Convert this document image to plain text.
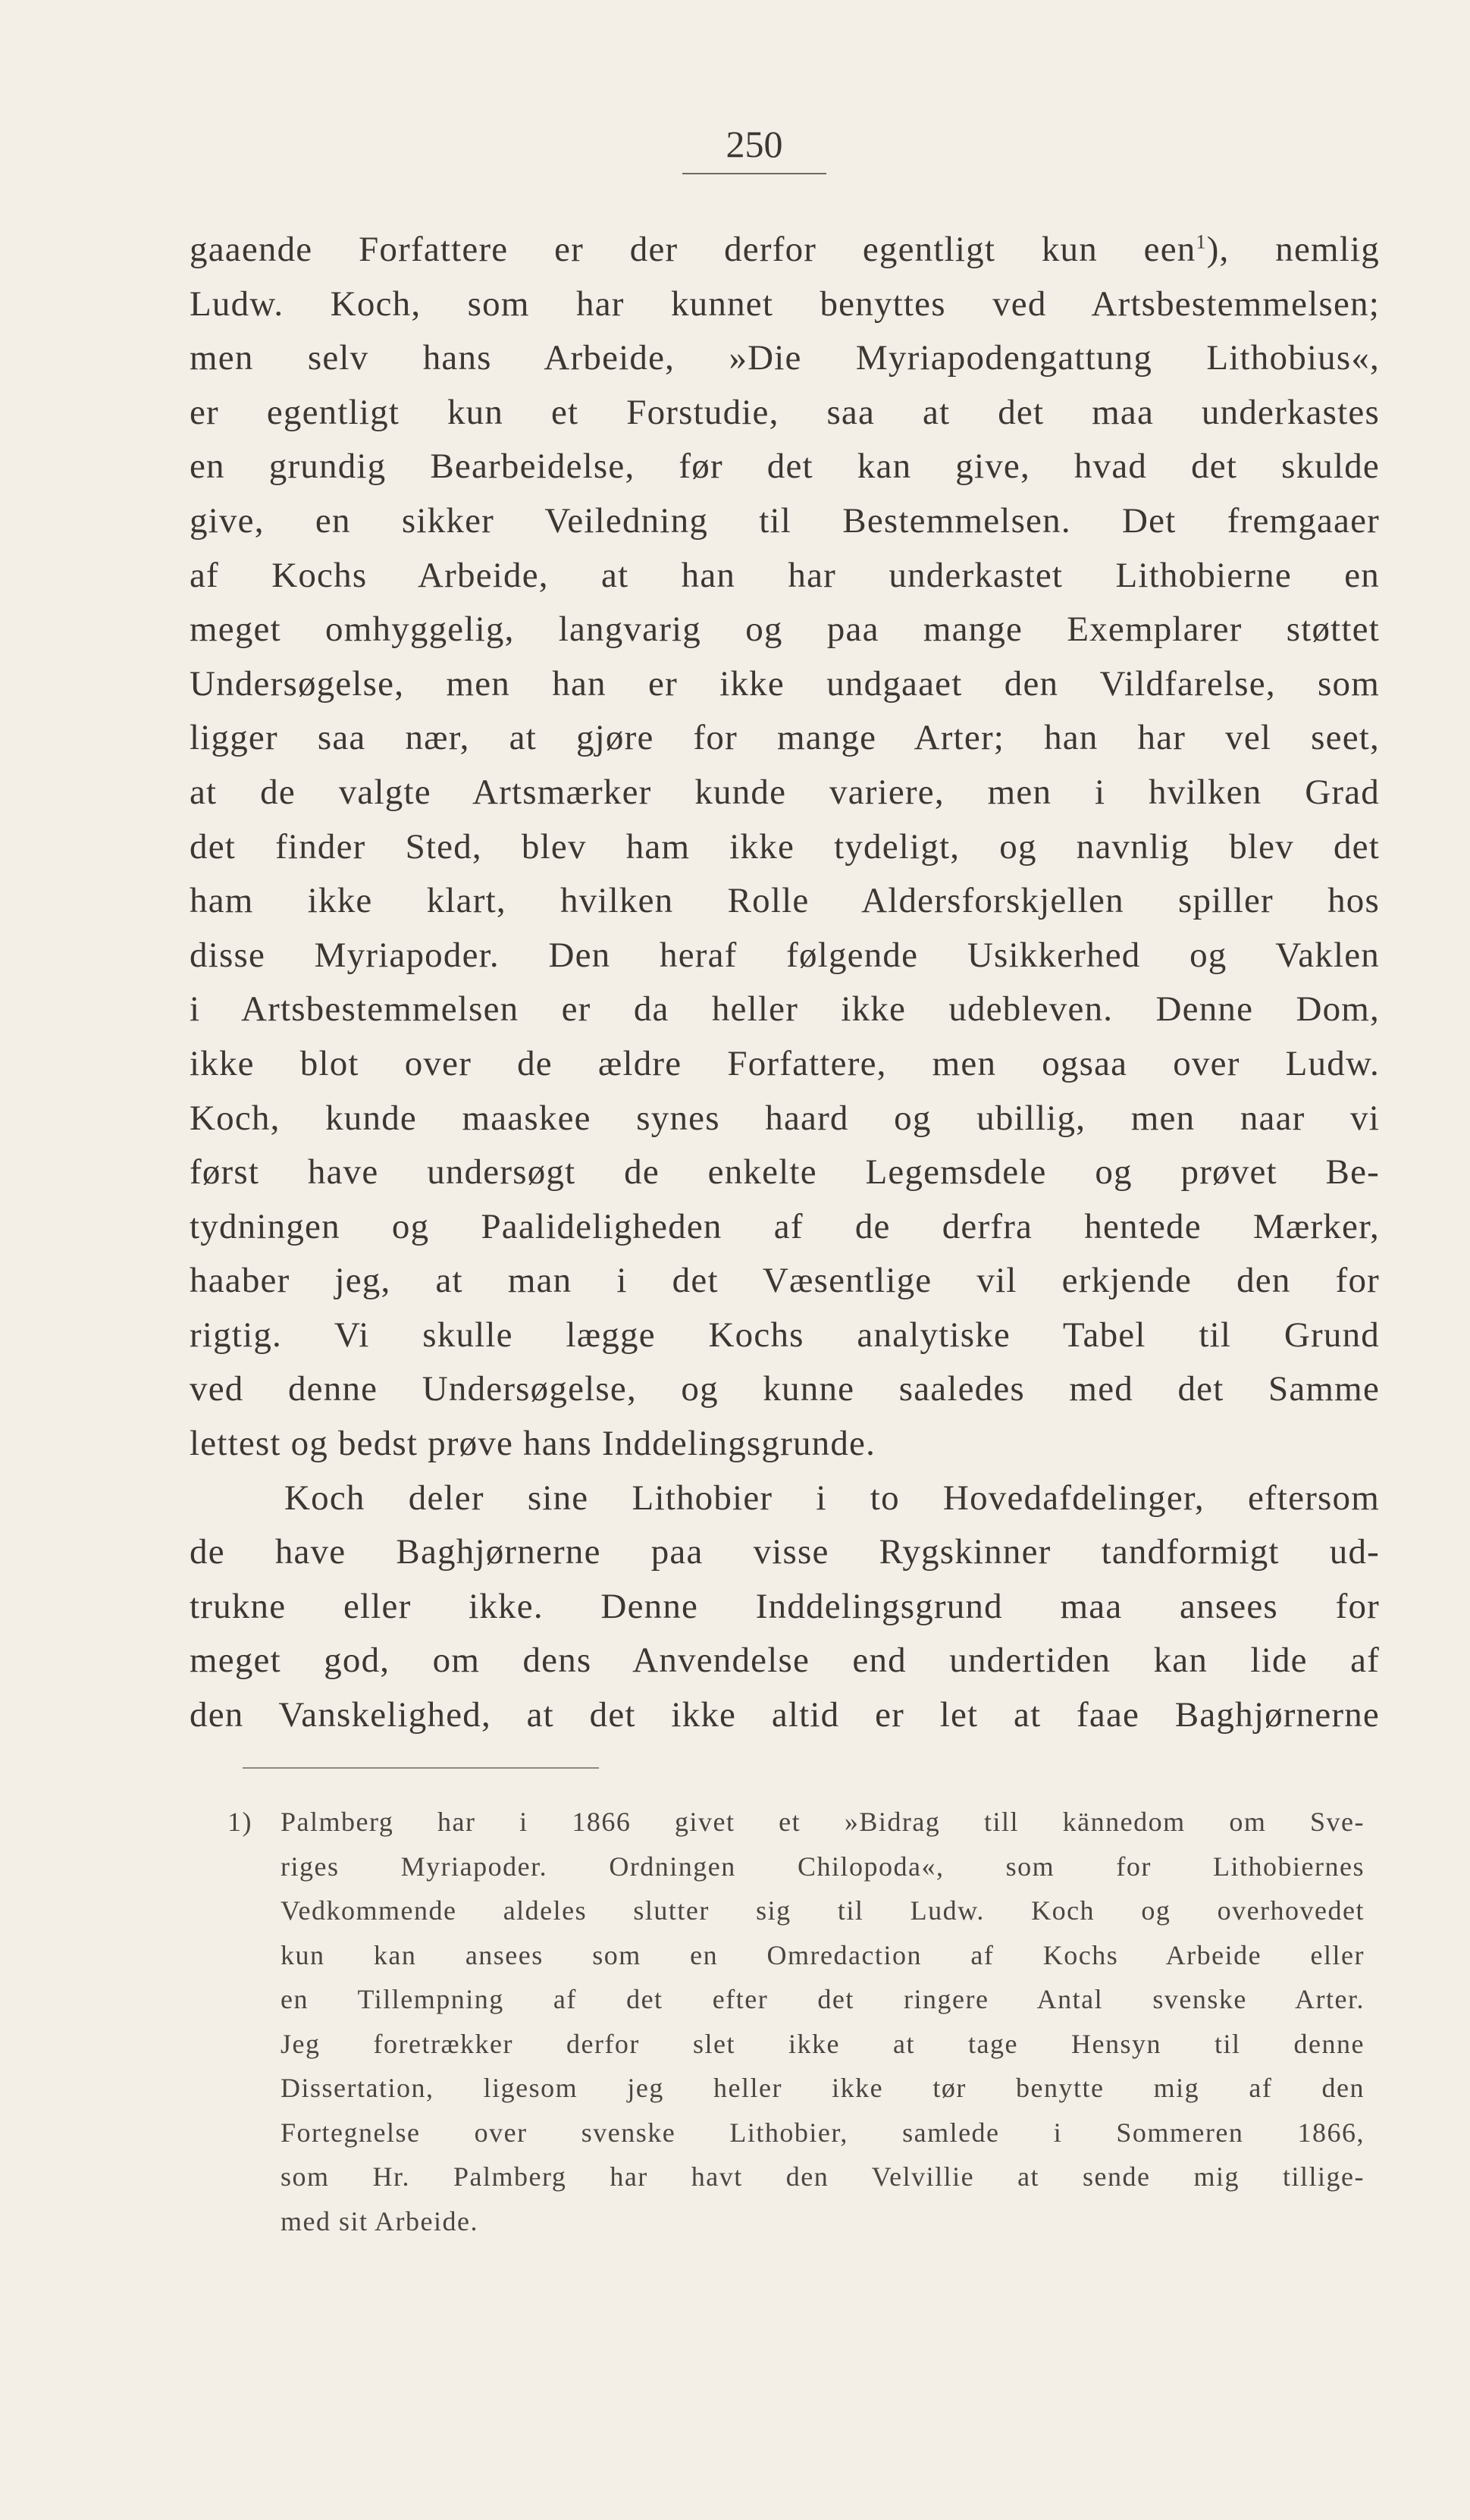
250
gaaende Forfattere er der derfor egentligt kun een$^1$), nemlig
Ludw. Koch, som har kunnet benyttes ved Artsbestemmelsen;
men selv hans Arbeide, »Die Myriapodengattung Lithobius«,
er egentligt kun et Forstudie, saa at det maa underkastes
en grundig Bearbeidelse, før det kan give, hvad det skulde
give, en sikker Veiledning til Bestemmelsen. Det fremgaaer
af Kochs Arbeide, at han har underkastet Lithobierne en
meget omhyggelig, langvarig og paa mange Exemplarer støttet
Undersøgelse, men han er ikke undgaaet den Vildfarelse, som
ligger saa nær, at gjøre for mange Arter; han har vel seet,
at de valgte Artsmærker kunde variere, men i hvilken Grad
det finder Sted, blev ham ikke tydeligt, og navnlig blev det
ham ikke klart, hvilken Rolle Aldersforskjellen spiller hos
disse Myriapoder. Den heraf følgende Usikkerhed og Vaklen
i Artsbestemmelsen er da heller ikke udebleven. Denne Dom,
ikke blot over de ældre Forfattere, men ogsaa over Ludw.
Koch, kunde maaskee synes haard og ubillig, men naar vi
først have undersøgt de enkelte Legemsdele og prøvet Be-
tydningen og Paalideligheden af de derfra hentede Mærker,
haaber jeg, at man i det Væsentlige vil erkjende den for
rigtig. Vi skulle lægge Kochs analytiske Tabel til Grund
ved denne Undersøgelse, og kunne saaledes med det Samme
lettest og bedst prøve hans Inddelingsgrunde.
Koch deler sine Lithobier i to Hovedafdelinger, eftersom
de have Baghjørnerne paa visse Rygskinner tandformigt ud-
trukne eller ikke. Denne Inddelingsgrund maa ansees for
meget god, om dens Anvendelse end undertiden kan lide af
den Vanskelighed, at det ikke altid er let at faae Baghjørnerne
1) Palmberg har i 1866 givet et »Bidrag till kännedom om Sve-
riges Myriapoder. Ordningen Chilopoda«, som for Lithobiernes
Vedkommende aldeles slutter sig til Ludw. Koch og overhovedet
kun kan ansees som en Omredaction af Kochs Arbeide eller
en Tillempning af det efter det ringere Antal svenske Arter.
Jeg foretrækker derfor slet ikke at tage Hensyn til denne
Dissertation, ligesom jeg heller ikke tør benytte mig af den
Fortegnelse over svenske Lithobier, samlede i Sommeren 1866,
som Hr. Palmberg har havt den Velvillie at sende mig tillige-
med sit Arbeide.
